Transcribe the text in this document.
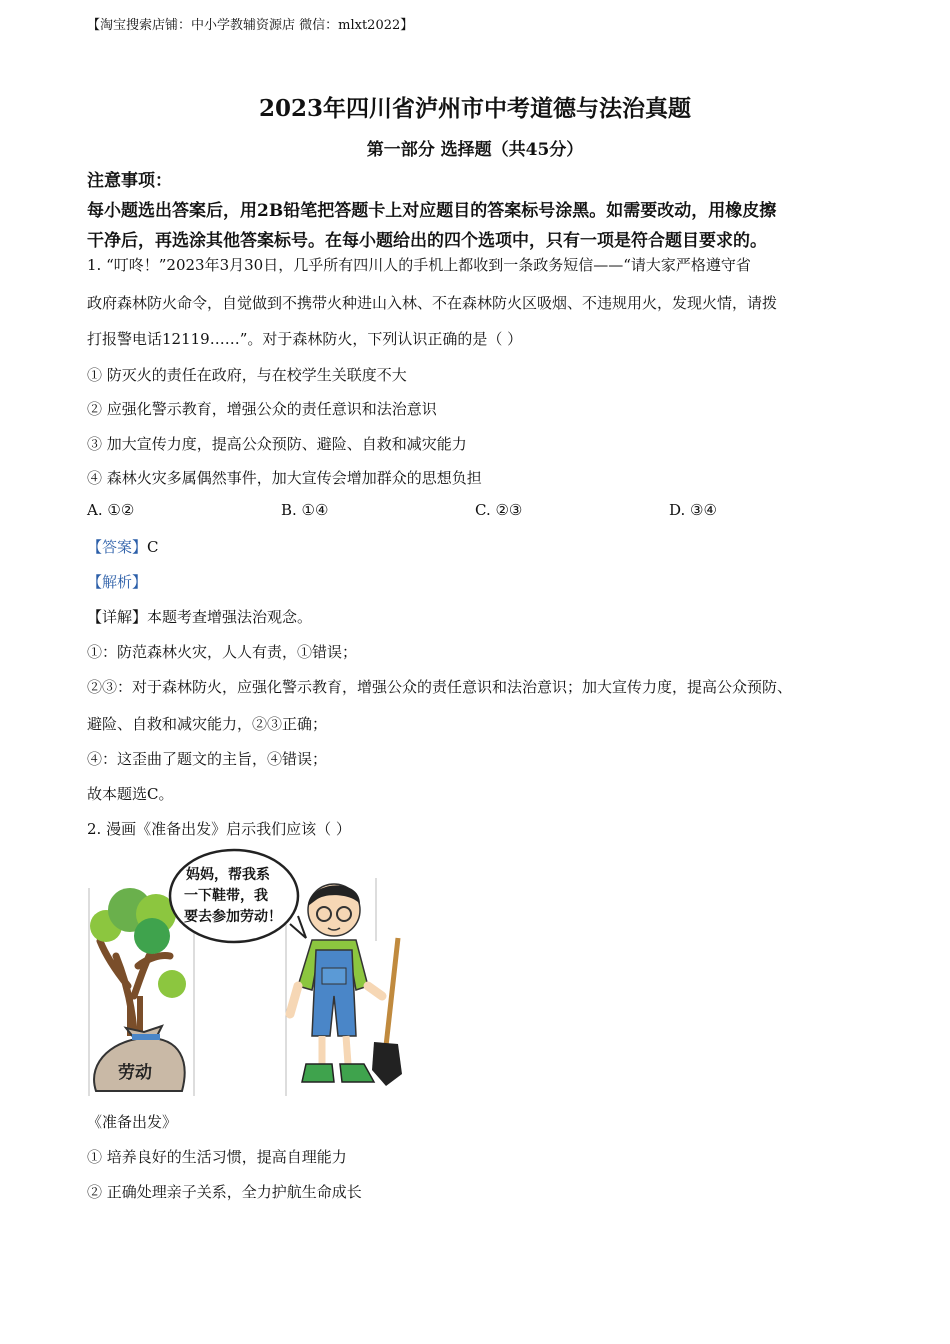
【淘宝搜索店铺：中小学教辅资源店 微信：mlxt2022】
2023年四川省泸州市中考道德与法治真题
第一部分 选择题（共45分）
注意事项：
每小题选出答案后，用2B铅笔把答题卡上对应题目的答案标号涂黑。如需要改动，用橡皮擦
干净后，再选涂其他答案标号。在每小题给出的四个选项中，只有一项是符合题目要求的。
1. “叮咚！”2023年3月30日，几乎所有四川人的手机上都收到一条政务短信——“请大家严格遵守省
政府森林防火命令，自觉做到不携带火种进山入林、不在森林防火区吸烟、不违规用火，发现火情，请拨
打报警电话12119……”。对于森林防火，下列认识正确的是（ ）
① 防灭火的责任在政府，与在校学生关联度不大
② 应强化警示教育，增强公众的责任意识和法治意识
③ 加大宣传力度，提高公众预防、避险、自救和减灾能力
④ 森林火灾多属偶然事件，加大宣传会增加群众的思想负担
A. ①②	B. ①④	C. ②③	D. ③④
【答案】C
【解析】
【详解】本题考查增强法治观念。
①：防范森林火灾，人人有责，①错误；
②③：对于森林防火，应强化警示教育，增强公众的责任意识和法治意识；加大宣传力度，提高公众预防、
避险、自救和减灾能力，②③正确；
④：这歪曲了题文的主旨，④错误；
故本题选C。
2. 漫画《准备出发》启示我们应该（ ）
劳动
妈妈，帮我系 一下鞋带，我 要去参加劳动！
《准备出发》
① 培养良好的生活习惯，提高自理能力
② 正确处理亲子关系，全力护航生命成长
